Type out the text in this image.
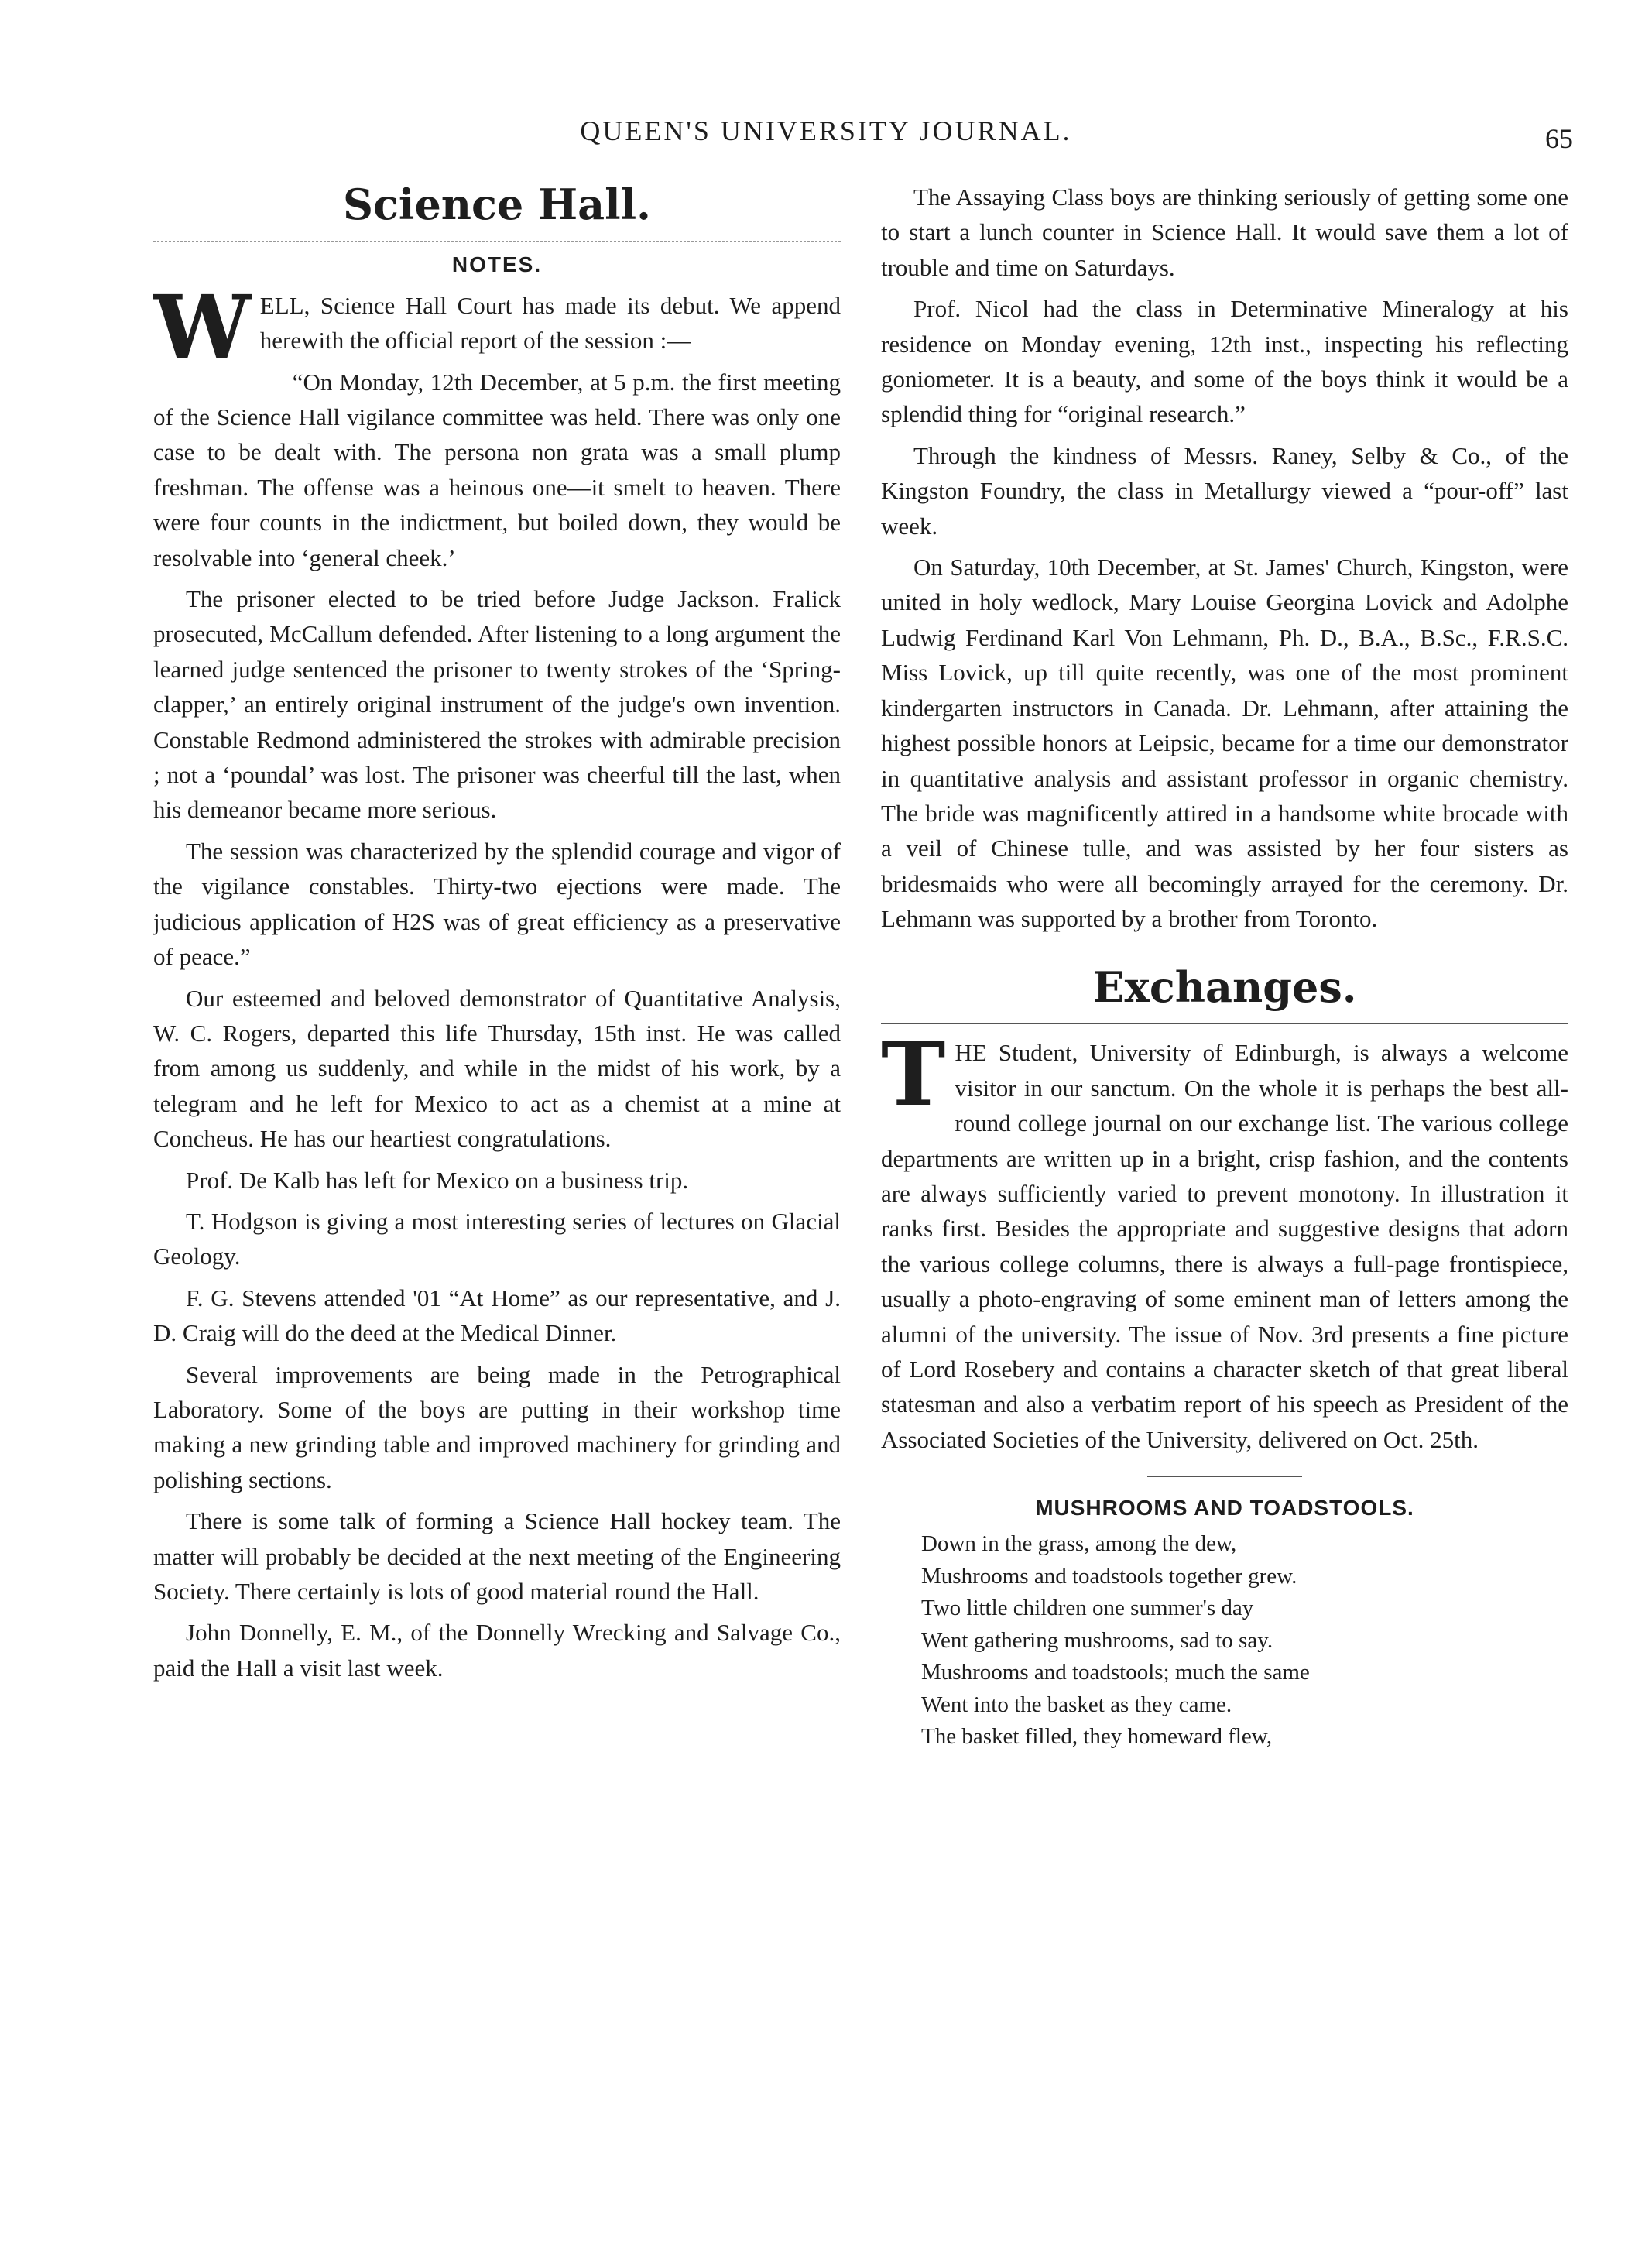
QUEEN'S UNIVERSITY JOURNAL.	65
Science Hall.
NOTES.

WELL, Science Hall Court has made its debut. We append herewith the official report of the session :—

“On Monday, 12th December, at 5 p.m. the first meeting of the Science Hall vigilance committee was held. There was only one case to be dealt with. The persona non grata was a small plump freshman. The offense was a heinous one—it smelt to heaven. There were four counts in the indictment, but boiled down, they would be resolvable into ‘general cheek.’

The prisoner elected to be tried before Judge Jackson. Fralick prosecuted, McCallum defended. After listening to a long argument the learned judge sentenced the prisoner to twenty strokes of the ‘Spring-clapper,’ an entirely original instrument of the judge's own invention. Constable Redmond administered the strokes with admirable precision ; not a ‘poundal’ was lost. The prisoner was cheerful till the last, when his demeanor became more serious.

The session was characterized by the splendid courage and vigor of the vigilance constables. Thirty-two ejections were made. The judicious application of H2S was of great efficiency as a preservative of peace.”

Our esteemed and beloved demonstrator of Quantitative Analysis, W. C. Rogers, departed this life Thursday, 15th inst. He was called from among us suddenly, and while in the midst of his work, by a telegram and he left for Mexico to act as a chemist at a mine at Concheus. He has our heartiest congratulations.

Prof. De Kalb has left for Mexico on a business trip.

T. Hodgson is giving a most interesting series of lectures on Glacial Geology.

F. G. Stevens attended '01 “At Home” as our representative, and J. D. Craig will do the deed at the Medical Dinner.

Several improvements are being made in the Petrographical Laboratory. Some of the boys are putting in their workshop time making a new grinding table and improved machinery for grinding and polishing sections.

There is some talk of forming a Science Hall hockey team. The matter will probably be decided at the next meeting of the Engineering Society. There certainly is lots of good material round the Hall.

John Donnelly, E. M., of the Donnelly Wrecking and Salvage Co., paid the Hall a visit last week.

The Assaying Class boys are thinking seriously of getting some one to start a lunch counter in Science Hall. It would save them a lot of trouble and time on Saturdays.

Prof. Nicol had the class in Determinative Mineralogy at his residence on Monday evening, 12th inst., inspecting his reflecting goniometer. It is a beauty, and some of the boys think it would be a splendid thing for “original research.”

Through the kindness of Messrs. Raney, Selby & Co., of the Kingston Foundry, the class in Metallurgy viewed a “pour-off” last week.

On Saturday, 10th December, at St. James' Church, Kingston, were united in holy wedlock, Mary Louise Georgina Lovick and Adolphe Ludwig Ferdinand Karl Von Lehmann, Ph. D., B.A., B.Sc., F.R.S.C. Miss Lovick, up till quite recently, was one of the most prominent kindergarten instructors in Canada. Dr. Lehmann, after attaining the highest possible honors at Leipsic, became for a time our demonstrator in quantitative analysis and assistant professor in organic chemistry. The bride was magnificently attired in a handsome white brocade with a veil of Chinese tulle, and was assisted by her four sisters as bridesmaids who were all becomingly arrayed for the ceremony. Dr. Lehmann was supported by a brother from Toronto.

Exchanges.

THE Student, University of Edinburgh, is always a welcome visitor in our sanctum. On the whole it is perhaps the best all-round college journal on our exchange list. The various college departments are written up in a bright, crisp fashion, and the contents are always sufficiently varied to prevent monotony. In illustration it ranks first. Besides the appropriate and suggestive designs that adorn the various college columns, there is always a full-page frontispiece, usually a photo-engraving of some eminent man of letters among the alumni of the university. The issue of Nov. 3rd presents a fine picture of Lord Rosebery and contains a character sketch of that great liberal statesman and also a verbatim report of his speech as President of the Associated Societies of the University, delivered on Oct. 25th.

MUSHROOMS AND TOADSTOOLS.
Down in the grass, among the dew,
Mushrooms and toadstools together grew.
Two little children one summer's day
Went gathering mushrooms, sad to say.
Mushrooms and toadstools; much the same
Went into the basket as they came.
The basket filled, they homeward flew,
